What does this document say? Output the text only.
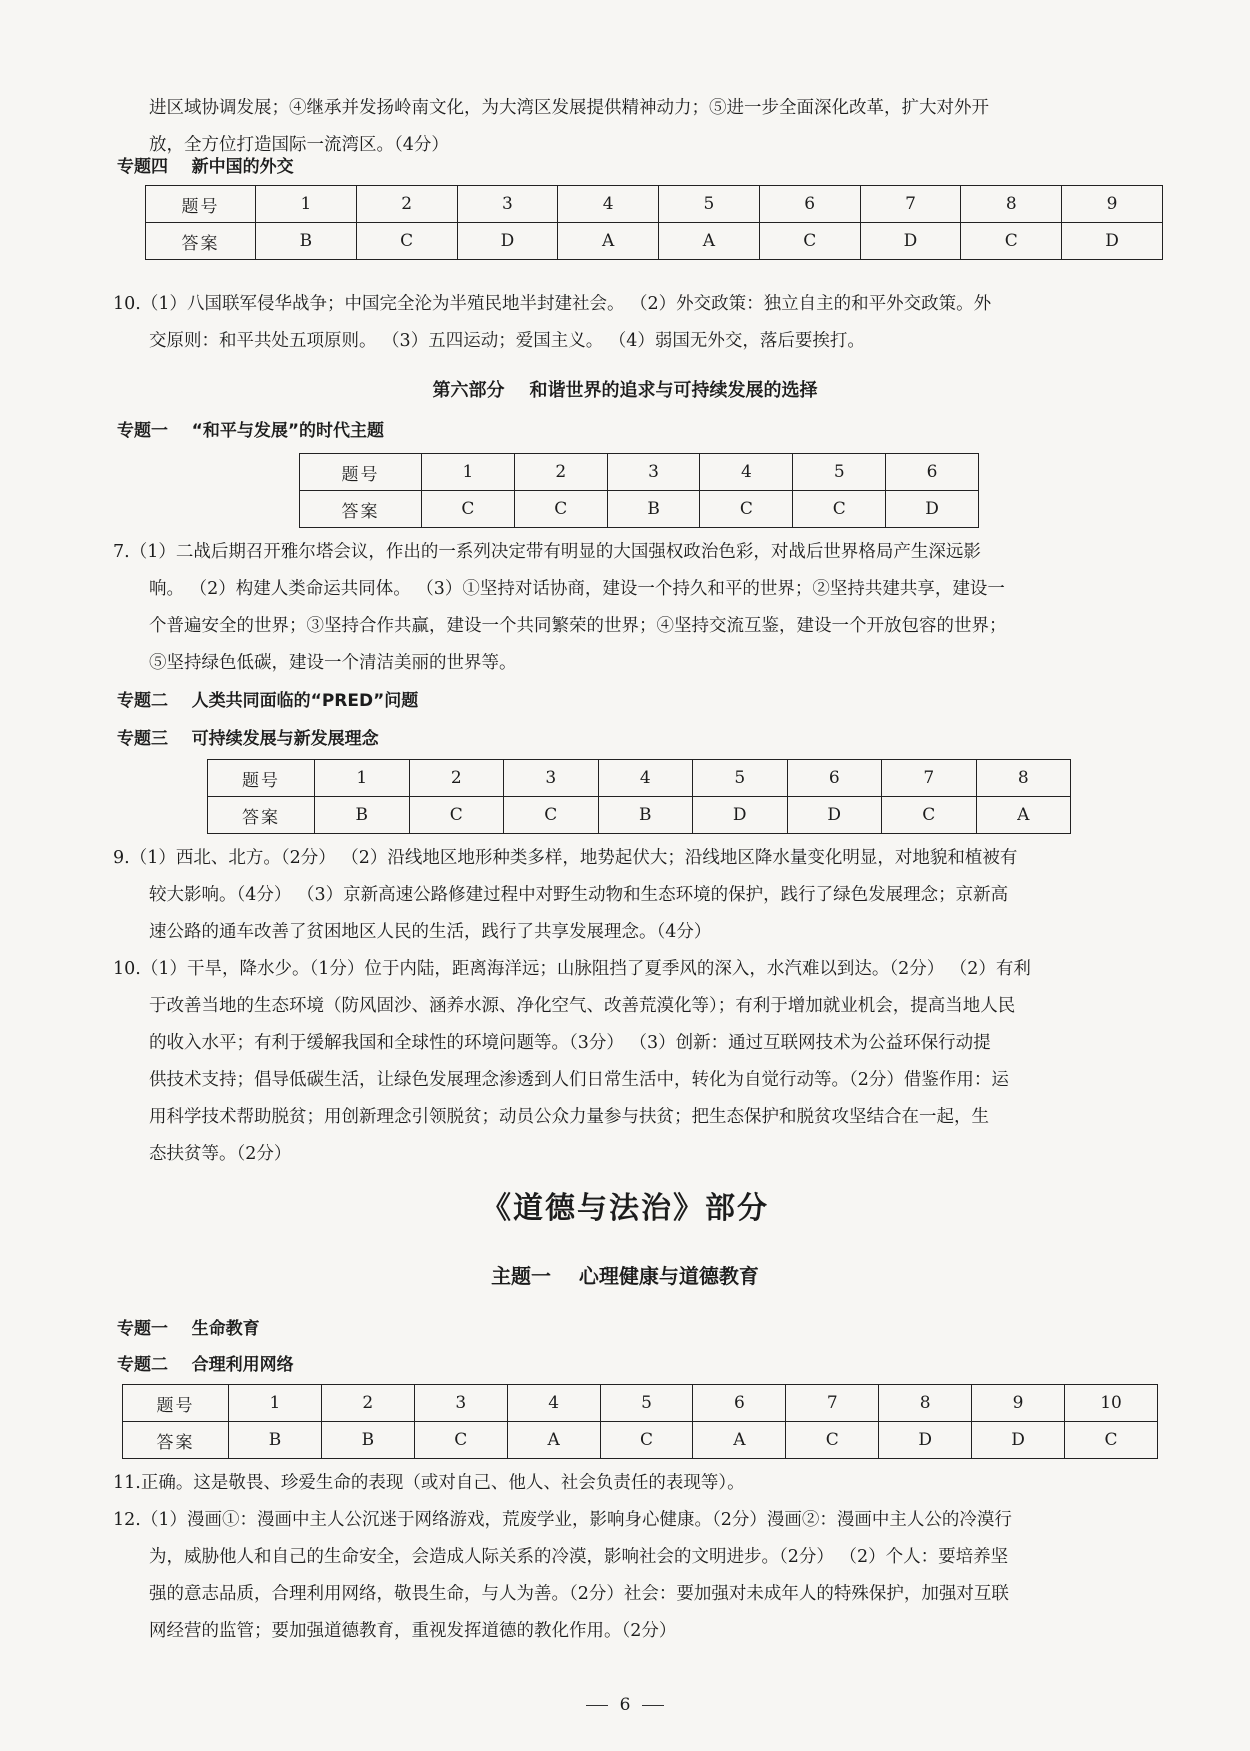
进区域协调发展；④继承并发扬岭南文化，为大湾区发展提供精神动力；⑤进一步全面深化改革，扩大对外开

放，全方位打造国际一流湾区。（4分）

专题四    新中国的外交
题号	1	2	3	4	5	6	7	8	9
答案	B	C	D	A	A	C	D	C	D

10.（1）八国联军侵华战争；中国完全沦为半殖民地半封建社会。 （2）外交政策：独立自主的和平外交政策。外

交原则：和平共处五项原则。 （3）五四运动；爱国主义。 （4）弱国无外交，落后要挨打。

第六部分    和谐世界的追求与可持续发展的选择
专题一    “和平与发展”的时代主题
题号	1	2	3	4	5	6
答案	C	C	B	C	C	D

7.（1）二战后期召开雅尔塔会议，作出的一系列决定带有明显的大国强权政治色彩，对战后世界格局产生深远影

响。 （2）构建人类命运共同体。 （3）①坚持对话协商，建设一个持久和平的世界；②坚持共建共享，建设一

个普遍安全的世界；③坚持合作共赢，建设一个共同繁荣的世界；④坚持交流互鉴，建设一个开放包容的世界；

⑤坚持绿色低碳，建设一个清洁美丽的世界等。

专题二    人类共同面临的“PRED”问题
专题三    可持续发展与新发展理念
题号	1	2	3	4	5	6	7	8
答案	B	C	C	B	D	D	C	A

9.（1）西北、北方。（2分） （2）沿线地区地形种类多样，地势起伏大；沿线地区降水量变化明显，对地貌和植被有

较大影响。（4分） （3）京新高速公路修建过程中对野生动物和生态环境的保护，践行了绿色发展理念；京新高

速公路的通车改善了贫困地区人民的生活，践行了共享发展理念。（4分）

10.（1）干旱，降水少。（1分）位于内陆，距离海洋远；山脉阻挡了夏季风的深入，水汽难以到达。（2分） （2）有利

于改善当地的生态环境（防风固沙、涵养水源、净化空气、改善荒漠化等）；有利于增加就业机会，提高当地人民

的收入水平；有利于缓解我国和全球性的环境问题等。（3分） （3）创新：通过互联网技术为公益环保行动提

供技术支持；倡导低碳生活，让绿色发展理念渗透到人们日常生活中，转化为自觉行动等。（2分）借鉴作用：运

用科学技术帮助脱贫；用创新理念引领脱贫；动员公众力量参与扶贫；把生态保护和脱贫攻坚结合在一起，生

态扶贫等。（2分）

《道德与法治》部分
主题一    心理健康与道德教育
专题一    生命教育
专题二    合理利用网络
题号	1	2	3	4	5	6	7	8	9	10
答案	B	B	C	A	C	A	C	D	D	C

11.正确。这是敬畏、珍爱生命的表现（或对自己、他人、社会负责任的表现等）。

12.（1）漫画①：漫画中主人公沉迷于网络游戏，荒废学业，影响身心健康。（2分）漫画②：漫画中主人公的冷漠行

为，威胁他人和自己的生命安全，会造成人际关系的冷漠，影响社会的文明进步。（2分） （2）个人：要培养坚

强的意志品质，合理利用网络，敬畏生命，与人为善。（2分）社会：要加强对未成年人的特殊保护，加强对互联

网经营的监管；要加强道德教育，重视发挥道德的教化作用。（2分）

6
